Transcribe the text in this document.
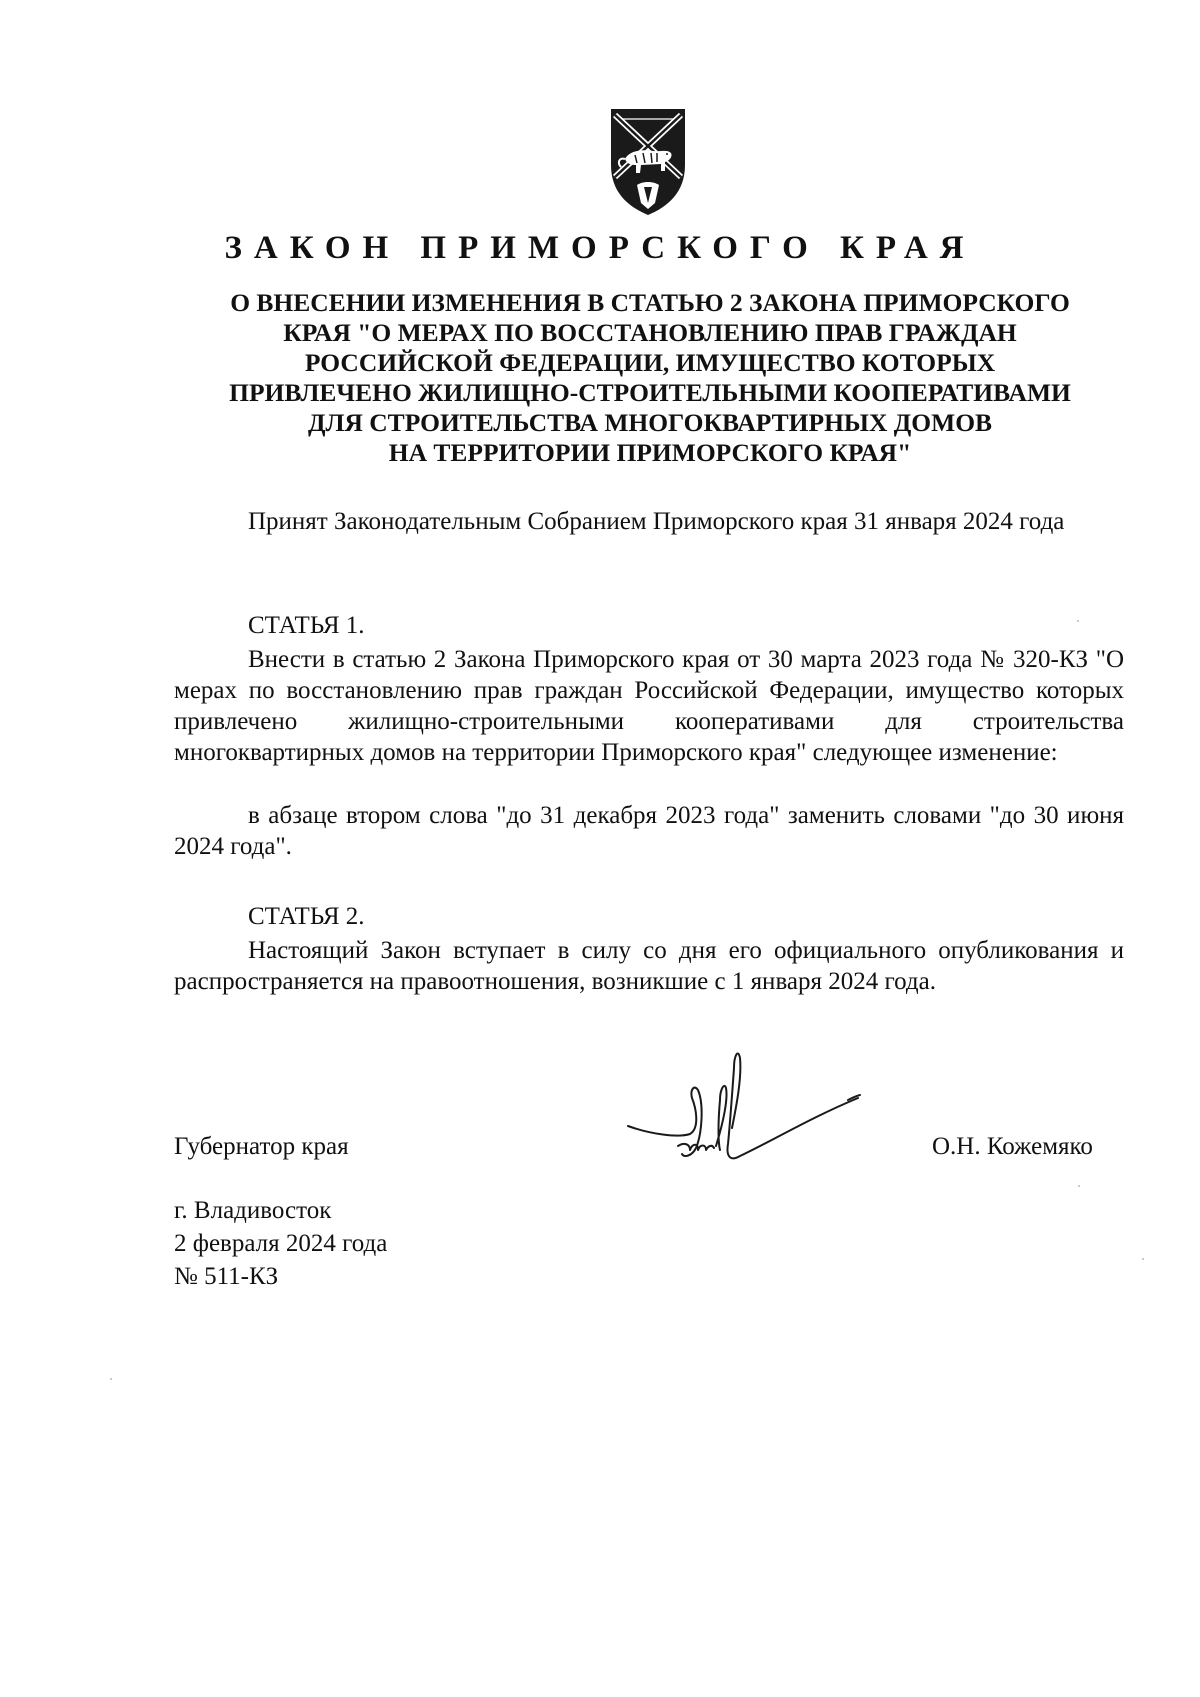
ЗАКОН ПРИМОРСКОГО КРАЯ
О ВНЕСЕНИИ ИЗМЕНЕНИЯ В СТАТЬЮ 2 ЗАКОНА ПРИМОРСКОГО
КРАЯ "О МЕРАХ ПО ВОССТАНОВЛЕНИЮ ПРАВ ГРАЖДАН
РОССИЙСКОЙ ФЕДЕРАЦИИ, ИМУЩЕСТВО КОТОРЫХ
ПРИВЛЕЧЕНО ЖИЛИЩНО-СТРОИТЕЛЬНЫМИ КООПЕРАТИВАМИ
ДЛЯ СТРОИТЕЛЬСТВА МНОГОКВАРТИРНЫХ ДОМОВ
НА ТЕРРИТОРИИ ПРИМОРСКОГО КРАЯ"

Принят Законодательным Собранием Приморского края 31 января 2024 года

СТАТЬЯ 1.

Внести в статью 2 Закона Приморского края от 30 марта 2023 года № 320-КЗ "О мерах по восстановлению прав граждан Российской Федерации, имущество которых привлечено жилищно-строительными кооперативами для строительства многоквартирных домов на территории Приморского края" следующее изменение:

в абзаце втором слова "до 31 декабря 2023 года" заменить словами "до 30 июня 2024 года".

СТАТЬЯ 2.

Настоящий Закон вступает в силу со дня его официального опубликования и распространяется на правоотношения, возникшие с 1 января 2024 года.

Губернатор края	О.Н. Кожемяко
г. Владивосток
2 февраля 2024 года
№ 511-КЗ
